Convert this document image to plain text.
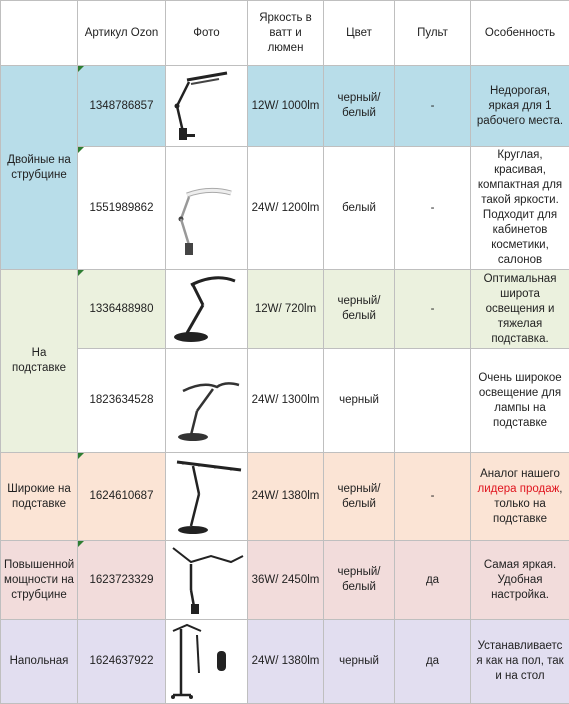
	Артикул Ozon	Фото	Яркость в ватт и люмен	Цвет	Пульт	Особенность
Двойные на струбцине	1348786857		12W/ 1000lm	черный/ белый	-	Недорогая, яркая для 1 рабочего места.
	1551989862		24W/ 1200lm	белый	-	Круглая, красивая, компактная для такой яркости. Подходит для кабинетов косметики, салонов
На подставке	1336488980		12W/ 720lm	черный/ белый	-	Оптимальная широта освещения и тяжелая подставка.
	1823634528		24W/ 1300lm	черный		Очень широкое освещение для лампы на подставке
Широкие на подставке	1624610687		24W/ 1380lm	черный/ белый	-	Аналог нашего лидера продаж, только на подставке
Повышенной мощности на струбцине	1623723329		36W/ 2450lm	черный/ белый	да	Самая яркая. Удобная настройка.
Напольная	1624637922		24W/ 1380lm	черный	да	Устанавливаетс я как на пол, так и на стол
